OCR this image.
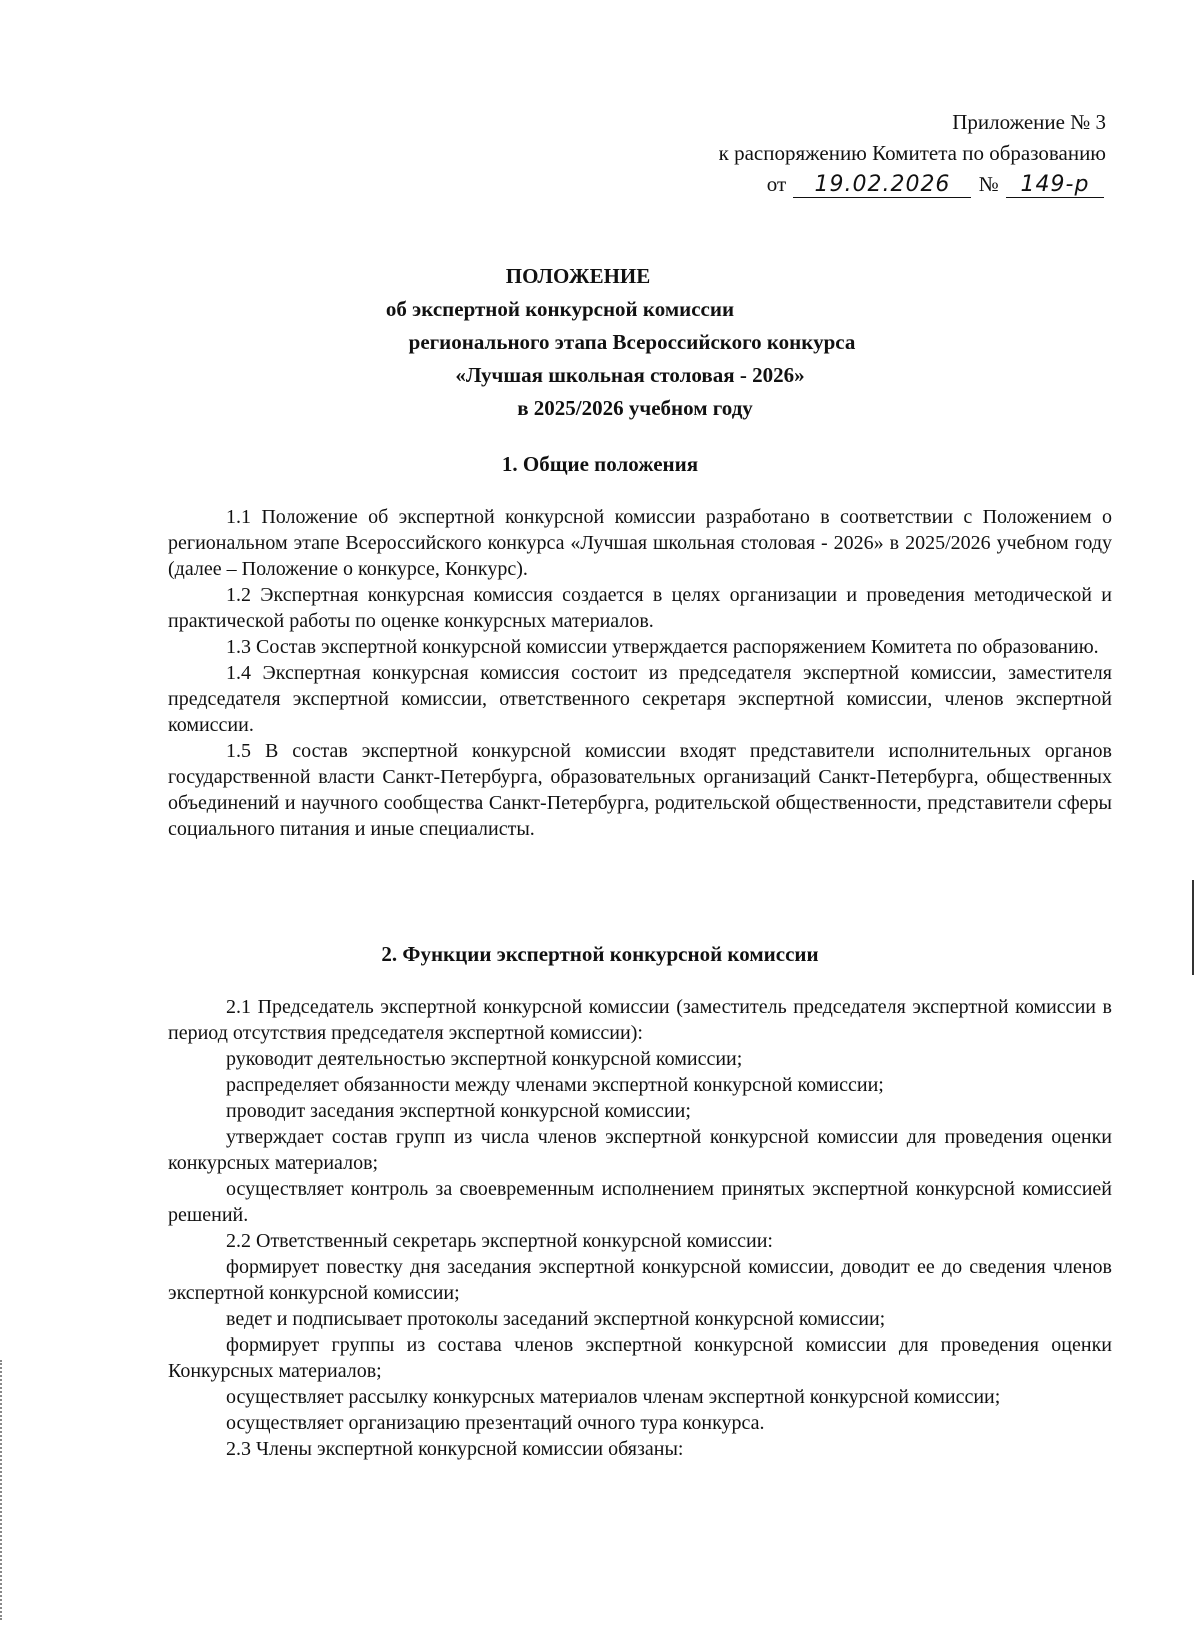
Приложение № 3
к распоряжению Комитета по образованию
от 19.02.2026 № 149-р
ПОЛОЖЕНИЕ
об экспертной конкурсной комиссии
регионального этапа Всероссийского конкурса
«Лучшая школьная столовая - 2026»
в 2025/2026 учебном году
1. Общие положения

1.1 Положение об экспертной конкурсной комиссии разработано в соответствии с Положением о региональном этапе Всероссийского конкурса «Лучшая школьная столовая - 2026» в 2025/2026 учебном году (далее – Положение о конкурсе, Конкурс).

1.2 Экспертная конкурсная комиссия создается в целях организации и проведения методической и практической работы по оценке конкурсных материалов.

1.3 Состав экспертной конкурсной комиссии утверждается распоряжением Комитета по образованию.

1.4 Экспертная конкурсная комиссия состоит из председателя экспертной комиссии, заместителя председателя экспертной комиссии, ответственного секретаря экспертной комиссии, членов экспертной комиссии.

1.5 В состав экспертной конкурсной комиссии входят представители исполнительных органов государственной власти Санкт-Петербурга, образовательных организаций Санкт-Петербурга, общественных объединений и научного сообщества Санкт-Петербурга, родительской общественности, представители сферы социального питания и иные специалисты.

2. Функции экспертной конкурсной комиссии

2.1 Председатель экспертной конкурсной комиссии (заместитель председателя экспертной комиссии в период отсутствия председателя экспертной комиссии):

руководит деятельностью экспертной конкурсной комиссии;

распределяет обязанности между членами экспертной конкурсной комиссии;

проводит заседания экспертной конкурсной комиссии;

утверждает состав групп из числа членов экспертной конкурсной комиссии для проведения оценки конкурсных материалов;

осуществляет контроль за своевременным исполнением принятых экспертной конкурсной комиссией решений.

2.2 Ответственный секретарь экспертной конкурсной комиссии:

формирует повестку дня заседания экспертной конкурсной комиссии, доводит ее до сведения членов экспертной конкурсной комиссии;

ведет и подписывает протоколы заседаний экспертной конкурсной комиссии;

формирует группы из состава членов экспертной конкурсной комиссии для проведения оценки Конкурсных материалов;

осуществляет рассылку конкурсных материалов членам экспертной конкурсной комиссии;

осуществляет организацию презентаций очного тура конкурса.

2.3 Члены экспертной конкурсной комиссии обязаны:
